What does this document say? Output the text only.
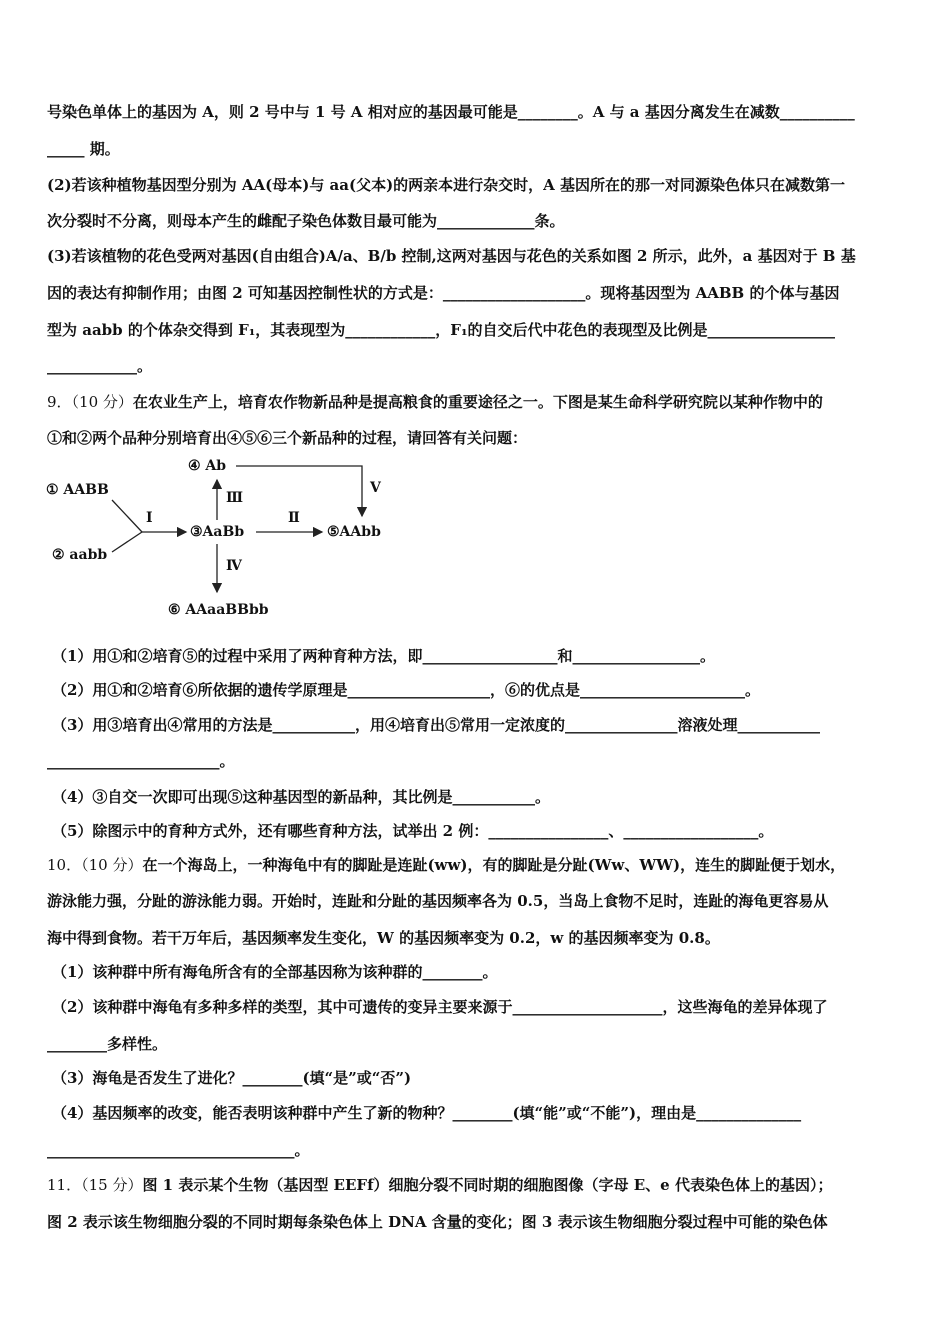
号染色单体上的基因为 A，则 2 号中与 1 号 A 相对应的基因最可能是________。A 与 a 基因分离发生在减数__________
_____ 期。
(2)若该种植物基因型分别为 AA(母本)与 aa(父本)的两亲本进行杂交时，A 基因所在的那一对同源染色体只在减数第一
次分裂时不分离，则母本产生的雌配子染色体数目最可能为_____________条。
(3)若该植物的花色受两对基因(自由组合)A/a、B/b 控制,这两对基因与花色的关系如图 2 所示，此外，a 基因对于 B 基
因的表达有抑制作用；由图 2 可知基因控制性状的方式是：___________________。现将基因型为 AABB 的个体与基因
型为 aabb 的个体杂交得到 F₁，其表现型为____________，F₁的自交后代中花色的表现型及比例是_________________
____________。
9．（10 分）在农业生产上，培育农作物新品种是提高粮食的重要途径之一。下图是某生命科学研究院以某种作物中的
①和②两个品种分别培育出④⑤⑥三个新品种的过程，请回答有关问题：
① AABB
② aabb
③AaBb
④ Ab
⑤AAbb
⑥ AAaaBBbb
Ⅰ	Ⅱ
Ⅲ
Ⅳ
Ⅴ
（1）用①和②培育⑤的过程中采用了两种育种方法，即__________________和_________________。
（2）用①和②培育⑥所依据的遗传学原理是___________________，⑥的优点是______________________。
（3）用③培育出④常用的方法是___________，用④培育出⑤常用一定浓度的_______________溶液处理___________
_______________________。
（4）③自交一次即可出现⑤这种基因型的新品种，其比例是___________。
（5）除图示中的育种方式外，还有哪些育种方法，试举出 2 例：________________、__________________。
10．（10 分）在一个海岛上，一种海龟中有的脚趾是连趾(ww)，有的脚趾是分趾(Ww、WW)，连生的脚趾便于划水，
游泳能力强，分趾的游泳能力弱。开始时，连趾和分趾的基因频率各为 0.5，当岛上食物不足时，连趾的海龟更容易从
海中得到食物。若干万年后，基因频率发生变化，W 的基因频率变为 0.2，w 的基因频率变为 0.8。
（1）该种群中所有海龟所含有的全部基因称为该种群的________。
（2）该种群中海龟有多种多样的类型，其中可遗传的变异主要来源于____________________，这些海龟的差异体现了
________多样性。
（3）海龟是否发生了进化？________(填“是”或“否”)
（4）基因频率的改变，能否表明该种群中产生了新的物种？________(填“能”或“不能”)，理由是______________
_________________________________。
11．（15 分）图 1 表示某个生物（基因型 EEFf）细胞分裂不同时期的细胞图像（字母 E、e 代表染色体上的基因）；
图 2 表示该生物细胞分裂的不同时期每条染色体上 DNA 含量的变化；图 3 表示该生物细胞分裂过程中可能的染色体
